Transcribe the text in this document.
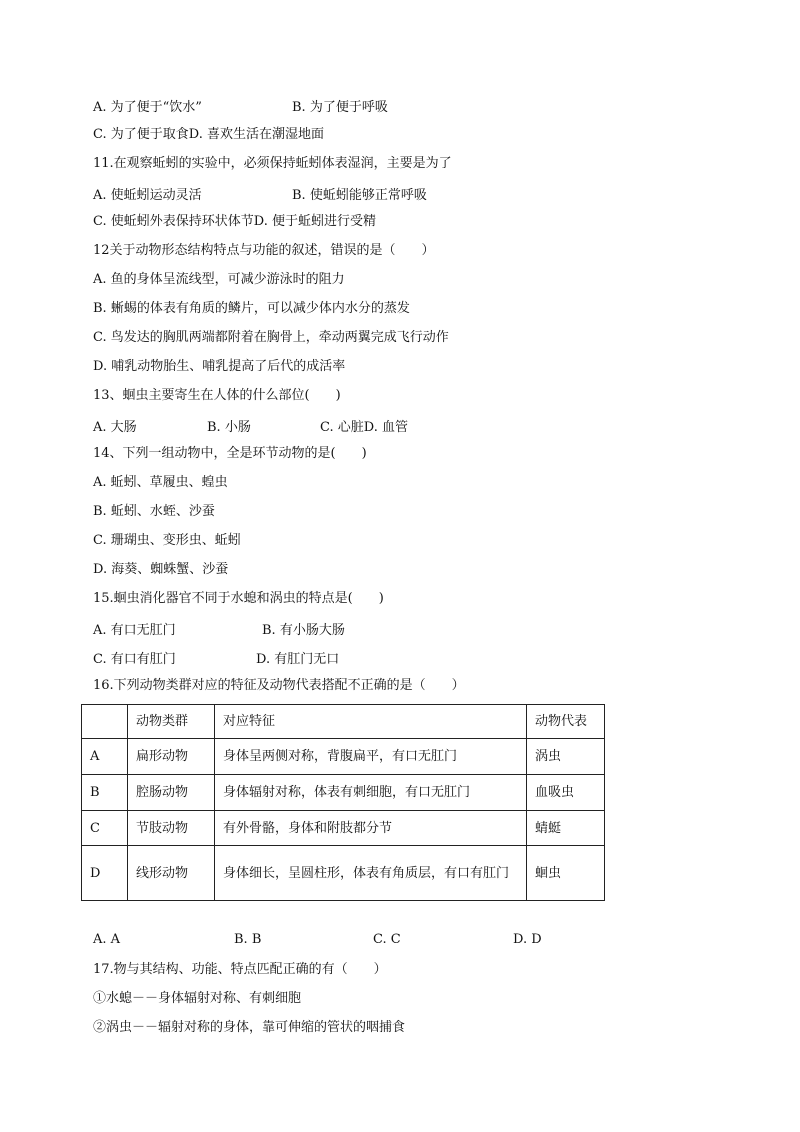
A. 为了便于“饮水”	B. 为了便于呼吸
C. 为了便于取食D. 喜欢生活在潮湿地面
11.在观察蚯蚓的实验中，必须保持蚯蚓体表湿润，主要是为了
A. 使蚯蚓运动灵活	B. 使蚯蚓能够正常呼吸
C. 使蚯蚓外表保持环状体节D. 便于蚯蚓进行受精
12关于动物形态结构特点与功能的叙述，错误的是（　　）
A. 鱼的身体呈流线型，可减少游泳时的阻力
B. 蜥蜴的体表有角质的鳞片，可以减少体内水分的蒸发
C. 鸟发达的胸肌两端都附着在胸骨上，牵动两翼完成飞行动作
D. 哺乳动物胎生、哺乳提高了后代的成活率
13、蛔虫主要寄生在人体的什么部位(　　)
A. 大肠	B. 小肠	C. 心脏D. 血管
14、下列一组动物中，全是环节动物的是(　　)
A. 蚯蚓、草履虫、蝗虫
B. 蚯蚓、水蛭、沙蚕
C. 珊瑚虫、变形虫、蚯蚓
D. 海葵、蜘蛛蟹、沙蚕
15.蛔虫消化器官不同于水螅和涡虫的特点是(　　)
A. 有口无肛门	B. 有小肠大肠
C. 有口有肛门	D. 有肛门无口
16.下列动物类群对应的特征及动物代表搭配不正确的是（　　）
	动物类群	对应特征	动物代表
A	扁形动物	身体呈两侧对称，背腹扁平，有口无肛门	涡虫
B	腔肠动物	身体辐射对称，体表有刺细胞，有口无肛门	血吸虫
C	节肢动物	有外骨骼，身体和附肢都分节	蜻蜓
D	线形动物	身体细长，呈圆柱形，体表有角质层，有口有肛门	蛔虫
A. A	B. B	C. C	D. D
17.物与其结构、功能、特点匹配正确的有（　　）
①水螅－－身体辐射对称、有刺细胞
②涡虫－－辐射对称的身体，靠可伸缩的管状的咽捕食
